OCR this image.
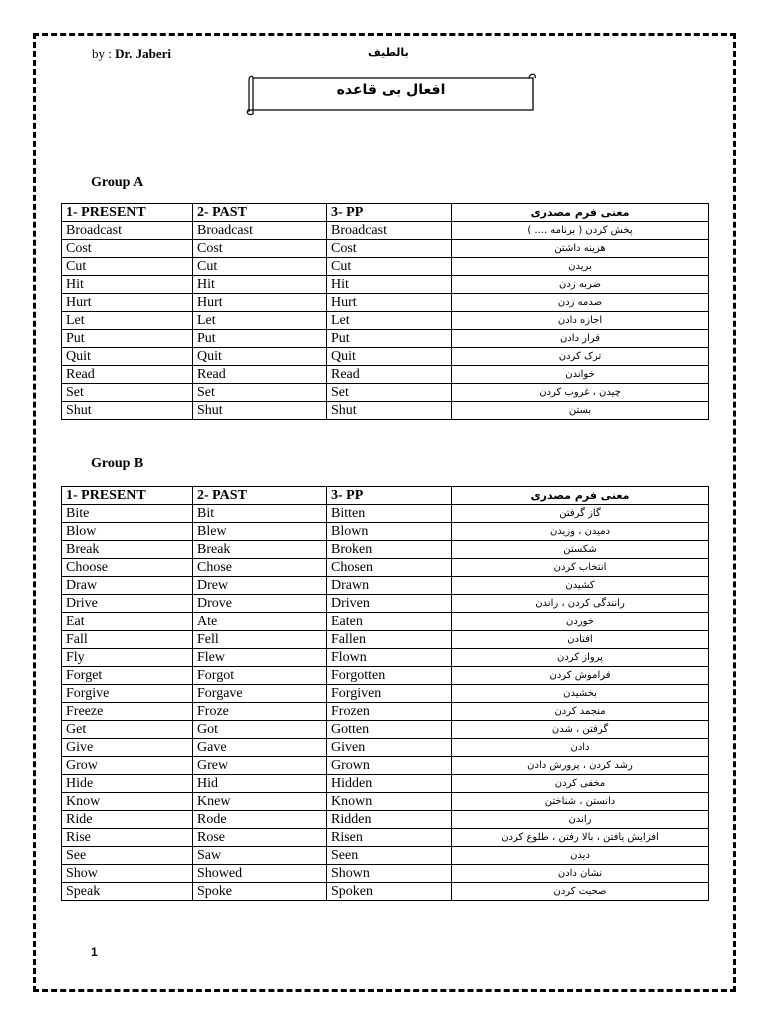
by : Dr. Jaberi	بالطیف
افعال بی قاعده
Group A
1- PRESENT	2- PAST	3- PP	معنی فرم مصدری
Broadcast	Broadcast	Broadcast	پخش کردن ( برنامه .... )
Cost	Cost	Cost	هزینه داشتن
Cut	Cut	Cut	بریدن
Hit	Hit	Hit	ضربه زدن
Hurt	Hurt	Hurt	صدمه زدن
Let	Let	Let	اجازه دادن
Put	Put	Put	قرار دادن
Quit	Quit	Quit	ترک کردن
Read	Read	Read	خواندن
Set	Set	Set	چیدن ، غروب کردن
Shut	Shut	Shut	بستن
Group B
1- PRESENT	2- PAST	3- PP	معنی فرم مصدری
Bite	Bit	Bitten	گاز گرفتن
Blow	Blew	Blown	دمیدن ، وزیدن
Break	Break	Broken	شکستن
Choose	Chose	Chosen	انتخاب کردن
Draw	Drew	Drawn	کشیدن
Drive	Drove	Driven	رانندگی کردن ، راندن
Eat	Ate	Eaten	خوردن
Fall	Fell	Fallen	افتادن
Fly	Flew	Flown	پرواز کردن
Forget	Forgot	Forgotten	فراموش کردن
Forgive	Forgave	Forgiven	بخشیدن
Freeze	Froze	Frozen	منجمد کردن
Get	Got	Gotten	گرفتن ، شدن
Give	Gave	Given	دادن
Grow	Grew	Grown	رشد کردن ، پرورش دادن
Hide	Hid	Hidden	مخفی کردن
Know	Knew	Known	دانستن ، شناختن
Ride	Rode	Ridden	راندن
Rise	Rose	Risen	افزایش یافتن ، بالا رفتن ، طلوع کردن
See	Saw	Seen	دیدن
Show	Showed	Shown	نشان دادن
Speak	Spoke	Spoken	صحبت کردن
1
